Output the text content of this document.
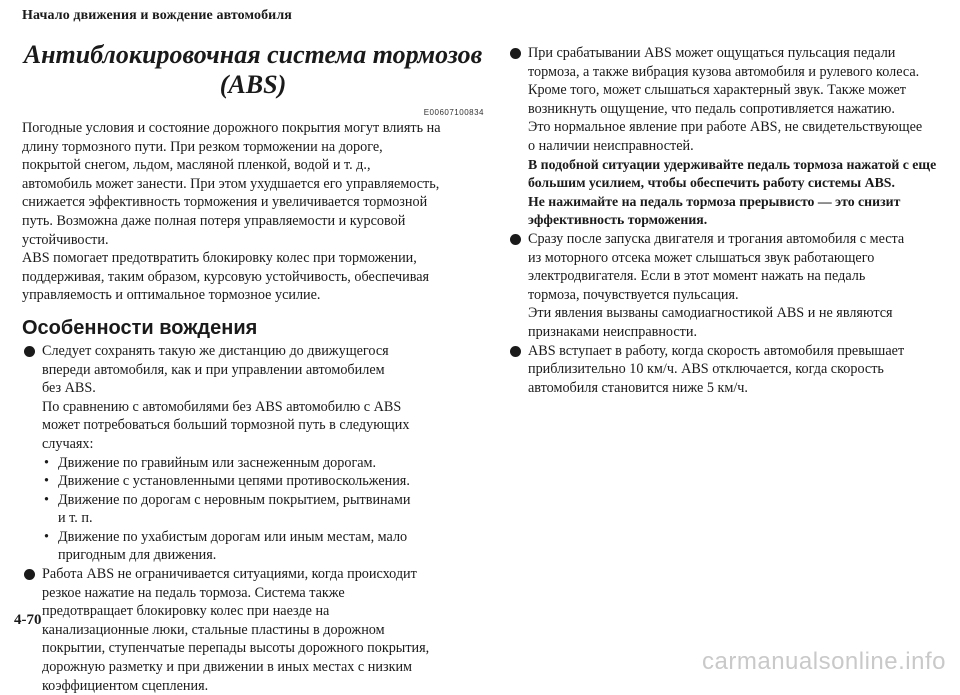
Начало движения и вождение автомобиля
Антиблокировочная система тормозов
(ABS)
E00607100834
Погодные условия и состояние дорожного покрытия могут влиять на
длину тормозного пути. При резком торможении на дороге,
покрытой снегом, льдом, масляной пленкой, водой и т. д.,
автомобиль может занести. При этом ухудшается его управляемость,
снижается эффективность торможения и увеличивается тормозной
путь. Возможна даже полная потеря управляемости и курсовой
устойчивости.
ABS помогает предотвратить блокировку колес при торможении,
поддерживая, таким образом, курсовую устойчивость, обеспечивая
управляемость и оптимальное тормозное усилие.
Особенности вождения
Следует сохранять такую же дистанцию до движущегося
впереди автомобиля, как и при управлении автомобилем
без ABS.
По сравнению с автомобилями без ABS автомобилю с ABS
может потребоваться больший тормозной путь в следующих
случаях:
• Движение по гравийным или заснеженным дорогам.
• Движение с установленными цепями противоскольжения.
• Движение по дорогам с неровным покрытием, рытвинами
и т. п.
• Движение по ухабистым дорогам или иным местам, мало
пригодным для движения.
Работа ABS не ограничивается ситуациями, когда происходит
резкое нажатие на педаль тормоза. Система также
предотвращает блокировку колес при наезде на
канализационные люки, стальные пластины в дорожном
покрытии, ступенчатые перепады высоты дорожного покрытия,
дорожную разметку и при движении в иных местах с низким
коэффициентом сцепления.
При срабатывании ABS может ощущаться пульсация педали
тормоза, а также вибрация кузова автомобиля и рулевого колеса.
Кроме того, может слышаться характерный звук. Также может
возникнуть ощущение, что педаль сопротивляется нажатию.
Это нормальное явление при работе ABS, не свидетельствующее
о наличии неисправностей.
В подобной ситуации удерживайте педаль тормоза нажатой с еще
большим усилием, чтобы обеспечить работу системы ABS.
Не нажимайте на педаль тормоза прерывисто — это снизит
эффективность торможения.
Сразу после запуска двигателя и трогания автомобиля с места
из моторного отсека может слышаться звук работающего
электродвигателя. Если в этот момент нажать на педаль
тормоза, почувствуется пульсация.
Эти явления вызваны самодиагностикой ABS и не являются
признаками неисправности.
ABS вступает в работу, когда скорость автомобиля превышает
приблизительно 10 км/ч. ABS отключается, когда скорость
автомобиля становится ниже 5 км/ч.
4-70
carmanualsonline.info
